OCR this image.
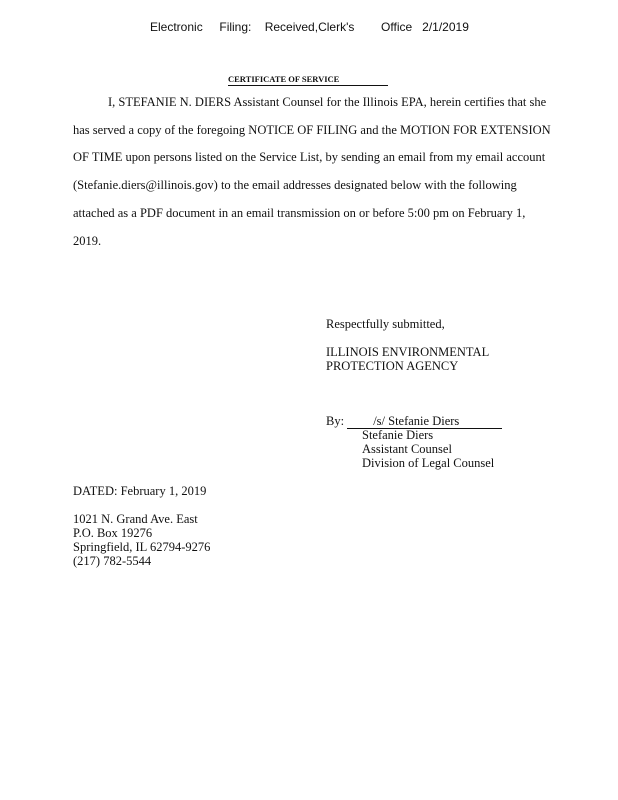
Electronic     Filing:    Received,Clerk's        Office   2/1/2019
CERTIFICATE OF SERVICE
I, STEFANIE N. DIERS Assistant Counsel for the Illinois EPA, herein certifies that she
has served a copy of the foregoing NOTICE OF FILING and the MOTION FOR EXTENSION
OF TIME upon persons listed on the Service List, by sending an email from my email account
(Stefanie.diers@illinois.gov) to the email addresses designated below with the following
attached as a PDF document in an email transmission on or before 5:00 pm on February 1,
2019.
Respectfully submitted,
ILLINOIS ENVIRONMENTAL
PROTECTION AGENCY
By: /s/ Stefanie Diers
Stefanie Diers
Assistant Counsel
Division of Legal Counsel
DATED: February 1, 2019
1021 N. Grand Ave. East
P.O. Box 19276
Springfield, IL 62794-9276
(217) 782-5544
